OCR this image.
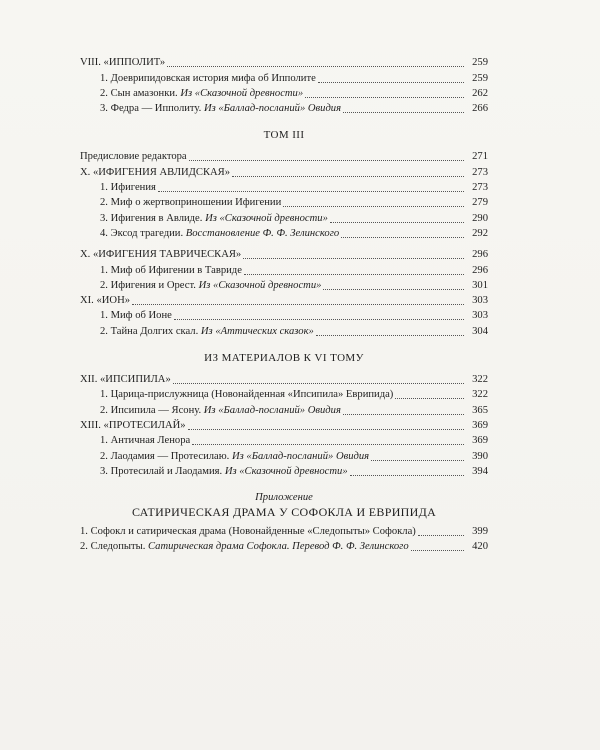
VIII. «ИППОЛИТ»	259
1. Доеврипидовская история мифа об Ипполите	259
2. Сын амазонки. Из «Сказочной древности»	262
3. Федра — Ипполиту. Из «Баллад-посланий» Овидия	266
ТОМ III
Предисловие редактора	271
X. «ИФИГЕНИЯ АВЛИДСКАЯ»	273
1. Ифигения	273
2. Миф о жертвоприношении Ифигении	279
3. Ифигения в Авлиде. Из «Сказочной древности»	290
4. Эксод трагедии. Восстановление Ф. Ф. Зелинского	292
X. «ИФИГЕНИЯ ТАВРИЧЕСКАЯ»	296
1. Миф об Ифигении в Тавриде	296
2. Ифигения и Орест. Из «Сказочной древности»	301
XI. «ИОН»	303
1. Миф об Ионе	303
2. Тайна Долгих скал. Из «Аттических сказок»	304
ИЗ МАТЕРИАЛОВ К VI ТОМУ
XII. «ИПСИПИЛА»	322
1. Царица-прислужница (Новонайденная «Ипсипила» Еврипида)	322
2. Ипсипила — Ясону. Из «Баллад-посланий» Овидия	365
XIII. «ПРОТЕСИЛАЙ»	369
1. Античная Ленора	369
2. Лаодамия — Протесилаю. Из «Баллад-посланий» Овидия	390
3. Протесилай и Лаодамия. Из «Сказочной древности»	394
Приложение
САТИРИЧЕСКАЯ ДРАМА У СОФОКЛА И ЕВРИПИДА
1. Софокл и сатирическая драма (Новонайденные «Следопыты» Софокла)	399
2. Следопыты. Сатирическая драма Софокла. Перевод Ф. Ф. Зелинского	420
